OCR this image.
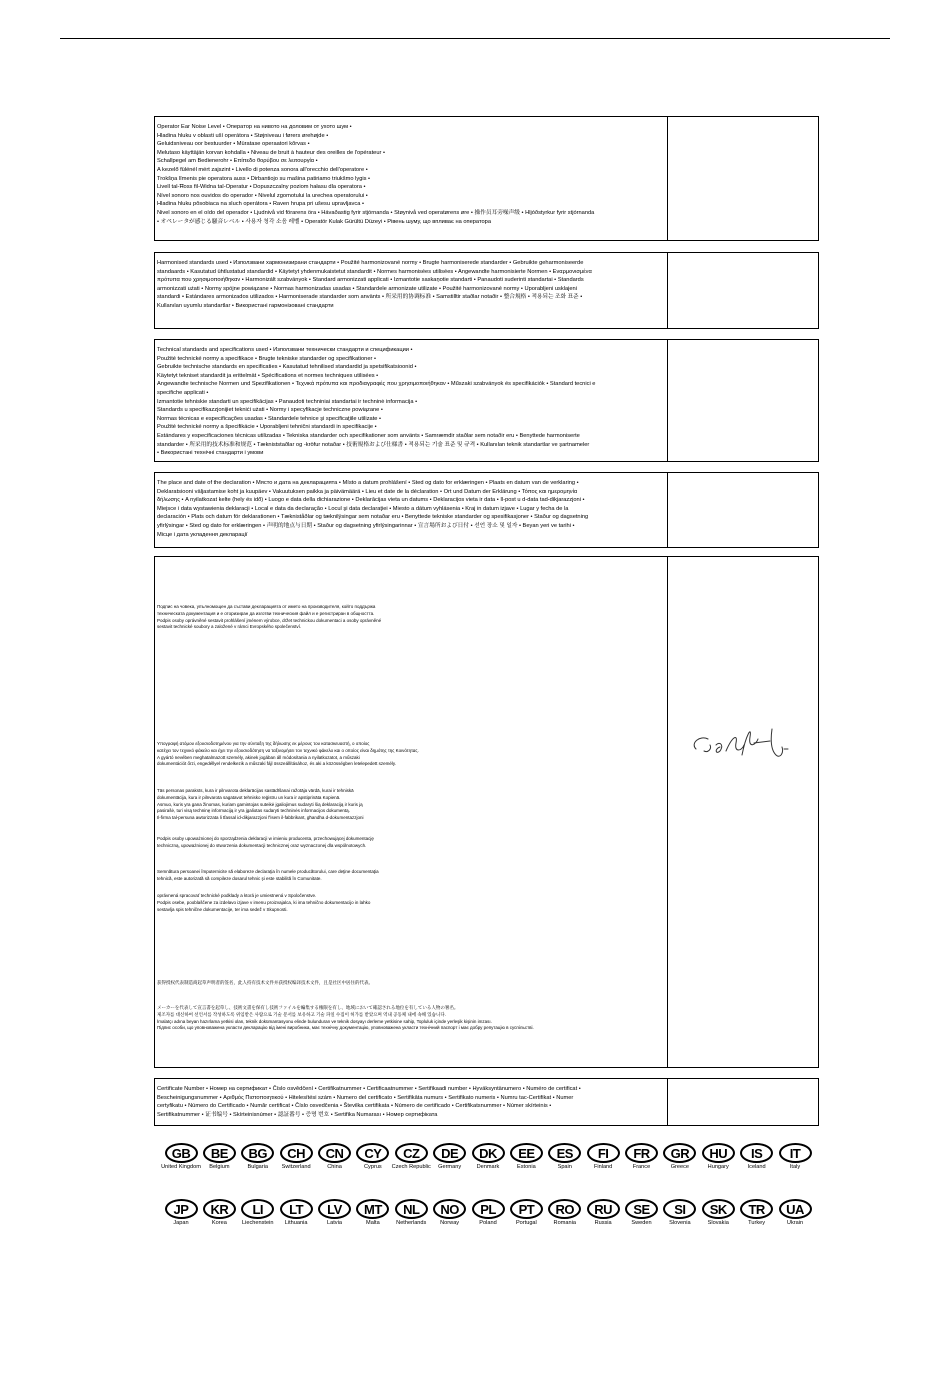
Operator Ear Noise Level • Оператор на нивото на доловим от ухото шум •

Hladina hluku v oblasti uší operátora • Støjniveau i førers ørehøjde •

Geluidsniveau oor bestuurder • Müratase operaatori kõrvas •

Melutaso käyttäjän korvan kohdalla • Niveau de bruit à hauteur des oreilles de l'opérateur •

Schallpegel am Bedienerohr • Επίπεδο θορύβου σε λειτουργία •

A kezelő fülénél mért zajszint • Livello di potenza sonora all'orecchio dell'operatore •

Trokšņa līmenis pie operatora auss • Dirbantiojo su mašina patiriamo triukšmo lygis •

Livell tal-Ħoss fil-Widna tal-Operatur • Dopuszczalny poziom hałasu dla operatora •

Nível sonoro nos ouvidos do operador • Nivelul zgomotului la urechea operatorului •

Hladina hluku pôsobiaca na sluch operátora • Raven hrupa pri ušesu upravljavca •

Nivel sonoro en el oído del operador • Ljudnivå vid förarens öra • Hávaðastig fyrir stjórnanda • Støynivå ved operatørens øre • 操作员耳旁噪声级 • Hljóðstyrkur fyrir stjórnanda

• オペレータが感じる騒音レベル • 사용자 청각 소음 레벨 • Operatör Kulak Gürültü Düzeyi • Рівень шуму, що впливає на оператора

Harmonised standards used • Използвани хармонизирани стандарти • Použité harmonizované normy • Brugte harmoniserede standarder • Gebruikte geharmoniseerde

standaards • Kasutatud ühtlustatud standardid • Käytetyt yhdenmukaistetut standardit • Normes harmonisées utilisées • Angewandte harmonisierte Normen • Εναρμονισμένα

πρότυπα που χρησιμοποιήθηκαν • Harmonizált szabványok • Standard armonizzati applicati • Izmantotie saskaņotie standarti • Panaudoti suderinti standartai • Standards

armonizzati użati • Normy spójne powiązane • Normas harmonizadas usadas • Standardele armonizate utilizate • Použité harmonizované normy • Uporabljeni usklajeni

standardi • Estándares armonizados utilizados • Harmoniserade standarder som använts • 所采用的协调标准 • Samstilltir staðlar notaðir • 整合規格 • 적용되는 조화 표준 •

Kullanılan uyumlu standartlar • Використані гармонізовані стандарти

Technical standards and specifications used • Използвани технически стандарти и спецификации •

Použité technické normy a specifikace • Brugte tekniske standarder og specifikationer •

Gebruikte technische standards en specificaties • Kasutatud tehnilised standardid ja spetsifikatsioonid •

Käytetyt tekniset standardit ja erittelmät • Spécifications et normes techniques utilisées •

Angewandte technische Normen und Spezifikationen • Τεχνικά πρότυπα και προδιαγραφές που χρησιμοποιήθηκαν • Műszaki szabványok és specifikációk • Standard tecnici e

specifiche applicati •

Izmantotie tehniskie standarti un specifikācijas • Panaudoti techniniai standartai ir techninė informacija •

Standards u specifikazzjonijiet tekniċi użati • Normy i specyfikacje techniczne powiązane •

Normas técnicas e especificações usadas • Standardele tehnice şi specificaţiile utilizate •

Použité technické normy a špecifikácie • Uporabljeni tehnični standardi in specifikacije •

Estándares y especificaciones técnicas utilizadas • Tekniska standarder och specifikationer som använts • Samræmdir staðlar sem notaðir eru • Benyttede harmoniserte

standarder • 所采用的技术标准和规范 • Tækniststaðlar og -kröfur notaðar • 技術規格および仕様書 • 적용되는 기술 표준 및 규격 • Kullanılan teknik standartlar ve şartnameler

• Використані технічні стандарти і умови

The place and date of the declaration • Място и дата на декларацията • Místo a datum prohlášení • Sted og dato for erklæringen • Plaats en datum van de verklaring •

Deklaratsiooni väljastamise koht ja kuupäev • Vakuutuksen paikka ja päivämäärä • Lieu et date de la déclaration • Ort und Datum der Erklärung • Τόπος και ημερομηνία

δήλωσης • A nyilatkozat kelte (hely és idő) • Luogo e data della dichiarazione • Deklarācijas vieta un datums • Deklaracijos vieta ir data • Il-post u d-data tad-dikjarazzjoni •

Miejsce i data wystawienia deklaracji • Local e data da declaração • Locul şi data declaraţiei • Miesto a dátum vyhlásenia • Kraj in datum izjave • Lugar y fecha de la

declaración • Plats och datum för deklarationen • Tækniståðlar og tæknilýsingar sem notaðar eru • Benyttede tekniske standarder og spesifikasjoner • Staður og dagsetning

yfirlýsingar • Sted og dato for erklæringen • 声明的地点与日期 • Staður og dagsetning yfirlýsingarinnar • 宣言場所および日付 • 선언 장소 및 일자 • Beyan yeri ve tarihi •

Місце і дата укладення декларації

Подпис на човека, упълномощен да състави декларацията от името на производителя, който поддържа

техническата документация и е оторизиран да изготви техническия файл и е регистриран в общността.

Podpis osoby oprávněné sestavit prohlášení jménem výrobce, držet technickou dokumentaci a osoby oprávněné

sestavit technické soubory a založené v rámci Evropského společenství.

Υπογραφή ατόμου εξουσιοδοτημένου για την σύνταξη της δήλωσης εκ μέρους του κατασκευαστή, ο οποίος

κατέχει τον τεχνικό φάκελο και έχει την εξουσιοδότηση να ταξινομήσει τον τεχνικό φάκελο και ο οποίος είναι δημότης της Κοινότητας.

A gyártó nevében meghatalmazott személy, akinek jogában áll módosítania a nyilatkozatot, a műszaki

dokumentációt őrzi, engedéllyel rendelkezik a műszaki fájl összeállításához, és aki a közösségben letelepedett személy.

Tās personas paraksts, kura ir pilnvarota deklarācijas sastādīšanai ražotāja vārdā, kurai ir tehniskā

dokumentācija, kura ir pilnvarota sagatavot tehnisko reģistru un kura ir apstiprināta Kopienā.

Asmuo, kuris yra gana žinomas, kuriam gamintojas suteikė įgaliojimus sudaryti šią deklaraciją ir kuris ją

pasirašė, turi visą techninę informaciją ir yra įgaliotas sudaryti techninės informacijos dokumentą.

Il-firma tal-persuna awtorizzata li tfassal id-dikjarazzjoni f'isem il-fabbrikant, għandha d-dokumentazzjoni

Podpis osoby upoważnionej do sporządzenia deklaracji w imieniu producenta, przechowującej dokumentację

techniczną, upoważnionej do stworzenia dokumentacji technicznej oraz wyznaczonej dla wspólnotowych.

Semnătura persoanei împuternicite să elaboreze declaraţia în numele producătorului, care deţine documentaţia

tehnică, este autorizată să compileze dosarul tehnic şi este stabilită în Comunitate.

oprávnená spracovať technické podklady a ktorá je umiestnená v Spoločenstve.

Podpis osebe, pooblaščene za izdelavo izjave v imenu proizvajalca, ki ima tehnično dokumentacijo in lahko

sestavlja spis tehnične dokumentacije, ter ima sedež v Skupnosti.

获得授权代表制造商起草声明者的签名，此人持有技术文件并获授权编译技术文件，且是社区中居住的代表。

メーカーを代表して宣言書を起草し、技術文書を保有し技術ファイルを編集する権限を有し、地域において確認される地位を有している人物の署名。

제조자를 대신하여 선언서를 작성하도록 위임받은 사람으로 기술 문서를 보유하고 기술 파일 수집이 허가를 받았으며 역내 공동체 내에 속해 있습니다.

İmalatçı adına beyan hazırlama yetkisi olan, teknik dokümantasyonu elinde bulunduran ve teknik dosyayı derleme yetkisine sahip, Topluluk içinde yerleşik kişinin imzası.

Підпис особи, що уповноважена укласти декларацію від імені виробника, має технічну документацію, уповноважена укласти технічний паспорт і має добру репутацію в суспільстві.

Certificate Number • Номер на сертификат • Číslo osvědčení • Certifikatnummer • Certificaatnummer • Sertifikaadi number • Hyväksyntänumero • Numéro de certificat •

Bescheinigungsnummer • Αριθμός Πιστοποιητικού • Hitelesítési szám • Numero del certificato • Sertifikāta numurs • Sertifikato numeris • Numru tac-Certifikat • Numer

certyfikatu • Número do Certificado • Număr certificat • Číslo osvedčenia • Številka certifikata • Número de certificado • Certifikatsnummer • Númer skírteinis •

Sertifikatnummer • 证书编号 • Skírteinisnúmer • 認証番号 • 증명 번호 • Sertifika Numarası • Номер сертифіката

GB
United Kingdom
BE
Belgium
BG
Bulgaria
CH
Switzerland
CN
China
CY
Cyprus
CZ
Czech Republic
DE
Germany
DK
Denmark
EE
Estonia
ES
Spain
FI
Finland
FR
France
GR
Greece
HU
Hungary
IS
Iceland
IT
Italy
JP
Japan
KR
Korea
LI
Liechenstein
LT
Lithuania
LV
Latvia
MT
Malta
NL
Netherlands
NO
Norway
PL
Poland
PT
Portugal
RO
Romania
RU
Russia
SE
Sweden
SI
Slovenia
SK
Slovakia
TR
Turkey
UA
Ukrain
